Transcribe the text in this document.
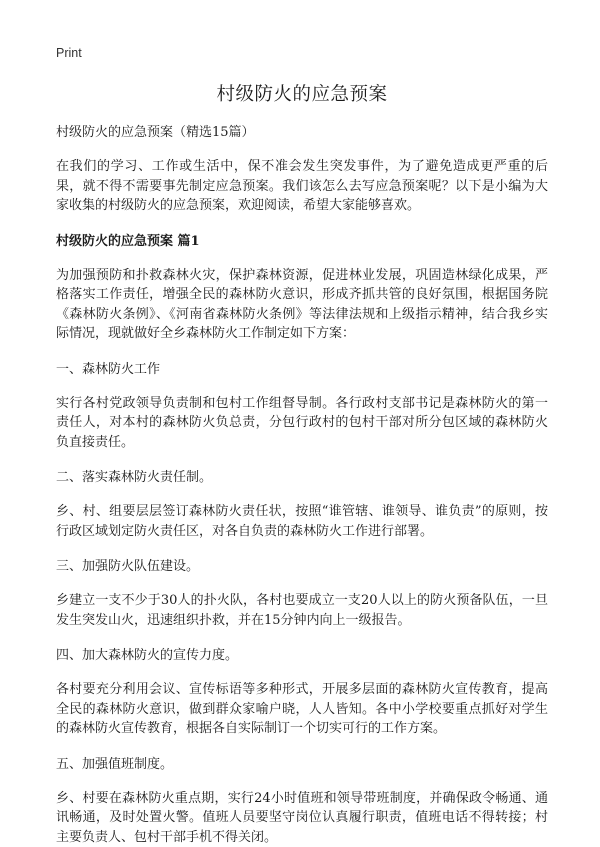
Print
村级防火的应急预案
村级防火的应急预案（精选15篇）

在我们的学习、工作或生活中，保不准会发生突发事件，为了避免造成更严重的后果，就不得不需要事先制定应急预案。我们该怎么去写应急预案呢？以下是小编为大家收集的村级防火的应急预案，欢迎阅读，希望大家能够喜欢。

村级防火的应急预案 篇1

为加强预防和扑救森林火灾，保护森林资源，促进林业发展，巩固造林绿化成果，严格落实工作责任，增强全民的森林防火意识，形成齐抓共管的良好氛围，根据国务院《森林防火条例》、《河南省森林防火条例》等法律法规和上级指示精神，结合我乡实际情况，现就做好全乡森林防火工作制定如下方案：

一、森林防火工作

实行各村党政领导负责制和包村工作组督导制。各行政村支部书记是森林防火的第一责任人，对本村的森林防火负总责，分包行政村的包村干部对所分包区域的森林防火负直接责任。

二、落实森林防火责任制。

乡、村、组要层层签订森林防火责任状，按照“谁管辖、谁领导、谁负责”的原则，按行政区域划定防火责任区，对各自负责的森林防火工作进行部署。

三、加强防火队伍建设。

乡建立一支不少于30人的扑火队，各村也要成立一支20人以上的防火预备队伍，一旦发生突发山火，迅速组织扑救，并在15分钟内向上一级报告。

四、加大森林防火的宣传力度。

各村要充分利用会议、宣传标语等多种形式，开展多层面的森林防火宣传教育，提高全民的森林防火意识，做到群众家喻户晓，人人皆知。各中小学校要重点抓好对学生的森林防火宣传教育，根据各自实际制订一个切实可行的工作方案。

五、加强值班制度。

乡、村要在森林防火重点期，实行24小时值班和领导带班制度，并确保政令畅通、通讯畅通，及时处置火警。值班人员要坚守岗位认真履行职责，值班电话不得转接；村主要负责人、包村干部手机不得关闭。
